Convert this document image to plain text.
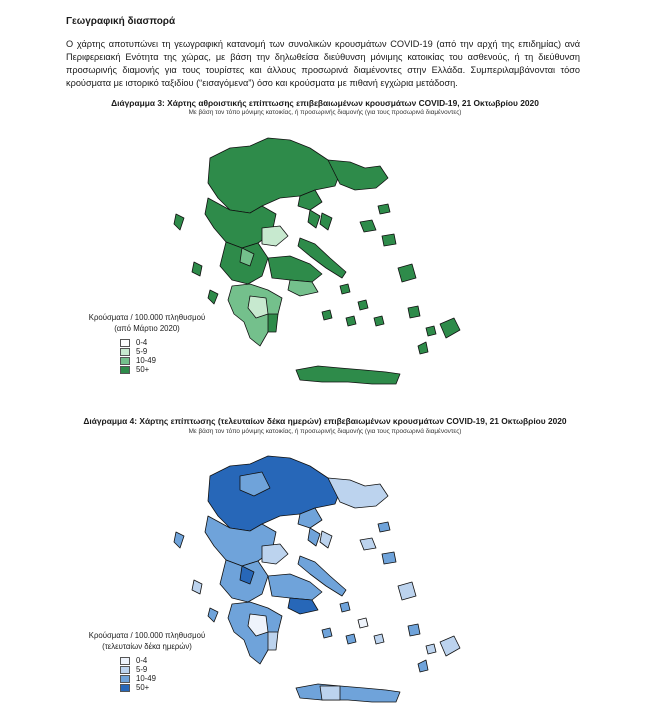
Γεωγραφική διασπορά
Ο χάρτης αποτυπώνει τη γεωγραφική κατανομή των συνολικών κρουσμάτων COVID-19 (από την αρχή της επιδημίας) ανά Περιφερειακή Ενότητα της χώρας, με βάση την δηλωθείσα διεύθυνση μόνιμης κατοικίας του ασθενούς, ή τη διεύθυνση προσωρινής διαμονής για τους τουρίστες και άλλους προσωρινά διαμένοντες στην Ελλάδα. Συμπεριλαμβάνονται τόσο κρούσματα με ιστορικό ταξιδίου (“εισαγόμενα”) όσο και κρούσματα με πιθανή εγχώρια μετάδοση.
Διάγραμμα 3: Χάρτης αθροιστικής επίπτωσης επιβεβαιωμένων κρουσμάτων COVID-19, 21 Οκτωβρίου 2020
Με βάση τον τόπο μόνιμης κατοικίας, ή προσωρινής διαμονής (για τους προσωρινά διαμένοντες)
Κρούσματα / 100.000 πληθυσμού
(από Μάρτιο 2020)
0-4
5-9
10-49
50+
Διάγραμμα 4: Χάρτης επίπτωσης (τελευταίων δέκα ημερών) επιβεβαιωμένων κρουσμάτων COVID-19, 21 Οκτωβρίου 2020
Με βάση τον τόπο μόνιμης κατοικίας, ή προσωρινής διαμονής (για τους προσωρινά διαμένοντες)
Κρούσματα / 100.000 πληθυσμού
(τελευταίων δέκα ημερών)
0-4
5-9
10-49
50+
